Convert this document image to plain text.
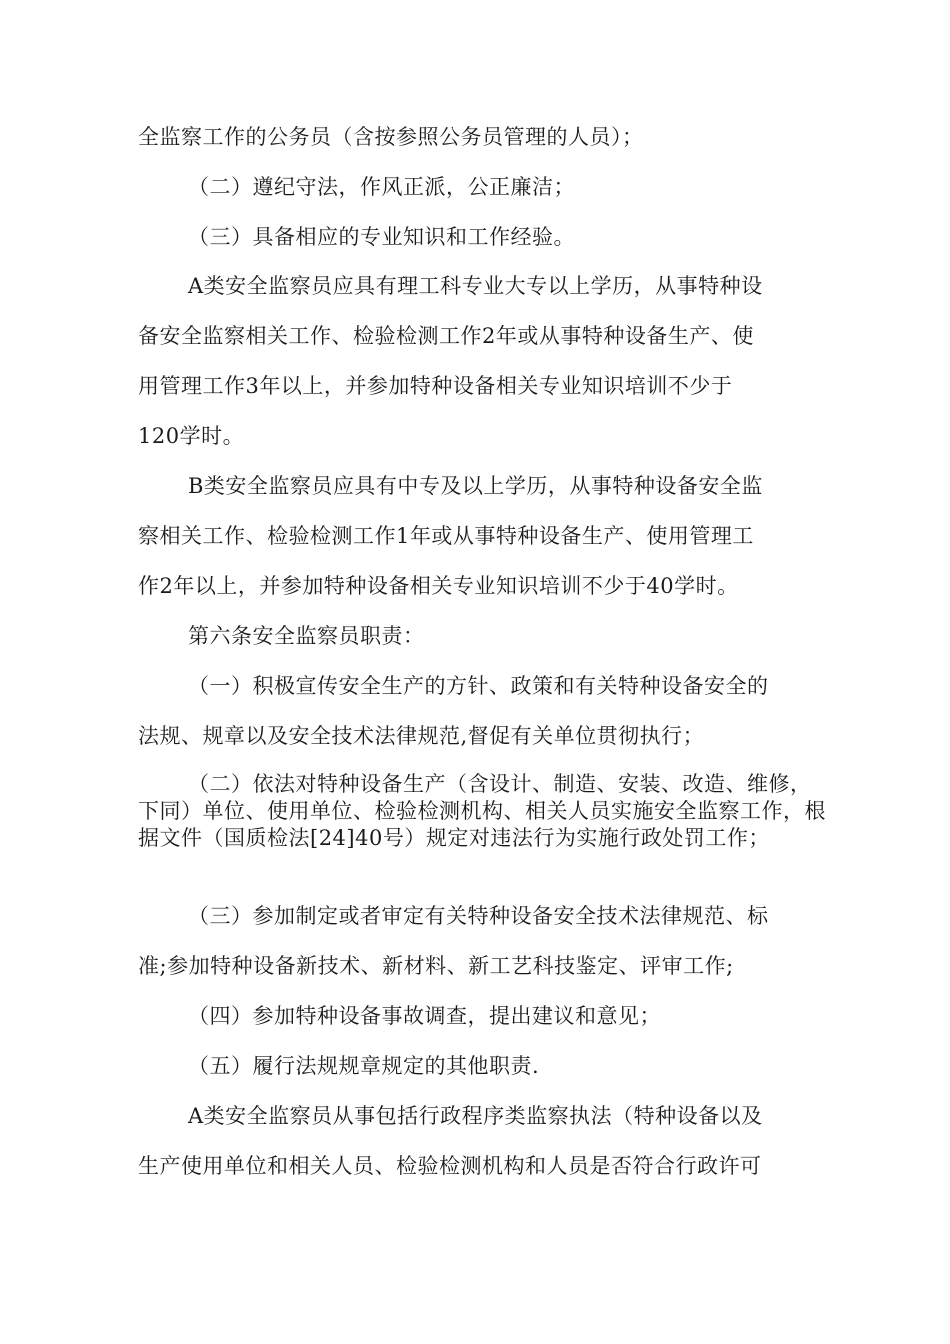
全监察工作的公务员（含按参照公务员管理的人员）；

（二）遵纪守法，作风正派，公正廉洁；

（三）具备相应的专业知识和工作经验。

A类安全监察员应具有理工科专业大专以上学历，从事特种设

备安全监察相关工作、检验检测工作2年或从事特种设备生产、使

用管理工作3年以上，并参加特种设备相关专业知识培训不少于

120学时。

B类安全监察员应具有中专及以上学历，从事特种设备安全监

察相关工作、检验检测工作1年或从事特种设备生产、使用管理工

作2年以上，并参加特种设备相关专业知识培训不少于40学时。

第六条安全监察员职责：

（一）积极宣传安全生产的方针、政策和有关特种设备安全的

法规、规章以及安全技术法律规范,督促有关单位贯彻执行；

（二）依法对特种设备生产（含设计、制造、安装、改造、维修，下同）单位、使用单位、检验检测机构、相关人员实施安全监察工作，根据文件（国质检法[24]40号）规定对违法行为实施行政处罚工作；

（三）参加制定或者审定有关特种设备安全技术法律规范、标

准;参加特种设备新技术、新材料、新工艺科技鉴定、评审工作;

（四）参加特种设备事故调查，提出建议和意见；

（五）履行法规规章规定的其他职责.

A类安全监察员从事包括行政程序类监察执法（特种设备以及

生产使用单位和相关人员、检验检测机构和人员是否符合行政许可
